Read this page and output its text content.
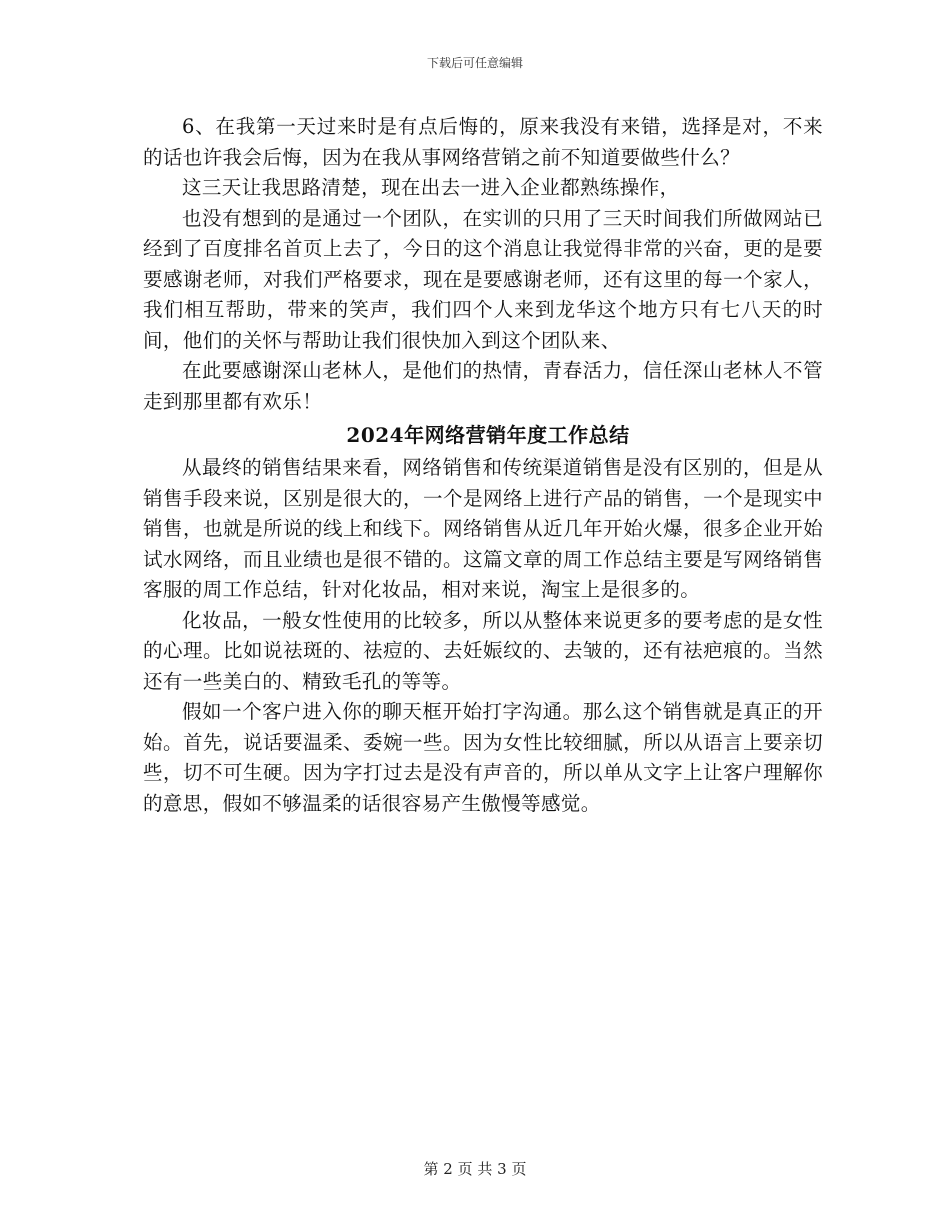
下载后可任意编辑

6、在我第一天过来时是有点后悔的，原来我没有来错，选择是对，不来的话也许我会后悔，因为在我从事网络营销之前不知道要做些什么？

这三天让我思路清楚，现在出去一进入企业都熟练操作，

也没有想到的是通过一个团队，在实训的只用了三天时间我们所做网站已经到了百度排名首页上去了，今日的这个消息让我觉得非常的兴奋，更的是要要感谢老师，对我们严格要求，现在是要感谢老师，还有这里的每一个家人，我们相互帮助，带来的笑声，我们四个人来到龙华这个地方只有七八天的时间，他们的关怀与帮助让我们很快加入到这个团队来、

在此要感谢深山老林人，是他们的热情，青春活力，信任深山老林人不管走到那里都有欢乐！

2024年网络营销年度工作总结

从最终的销售结果来看，网络销售和传统渠道销售是没有区别的，但是从销售手段来说，区别是很大的，一个是网络上进行产品的销售，一个是现实中销售，也就是所说的线上和线下。网络销售从近几年开始火爆，很多企业开始试水网络，而且业绩也是很不错的。这篇文章的周工作总结主要是写网络销售客服的周工作总结，针对化妆品，相对来说，淘宝上是很多的。

化妆品，一般女性使用的比较多，所以从整体来说更多的要考虑的是女性的心理。比如说祛斑的、祛痘的、去妊娠纹的、去皱的，还有祛疤痕的。当然还有一些美白的、精致毛孔的等等。

假如一个客户进入你的聊天框开始打字沟通。那么这个销售就是真正的开始。首先，说话要温柔、委婉一些。因为女性比较细腻，所以从语言上要亲切些，切不可生硬。因为字打过去是没有声音的，所以单从文字上让客户理解你的意思，假如不够温柔的话很容易产生傲慢等感觉。

第 2 页 共 3 页
